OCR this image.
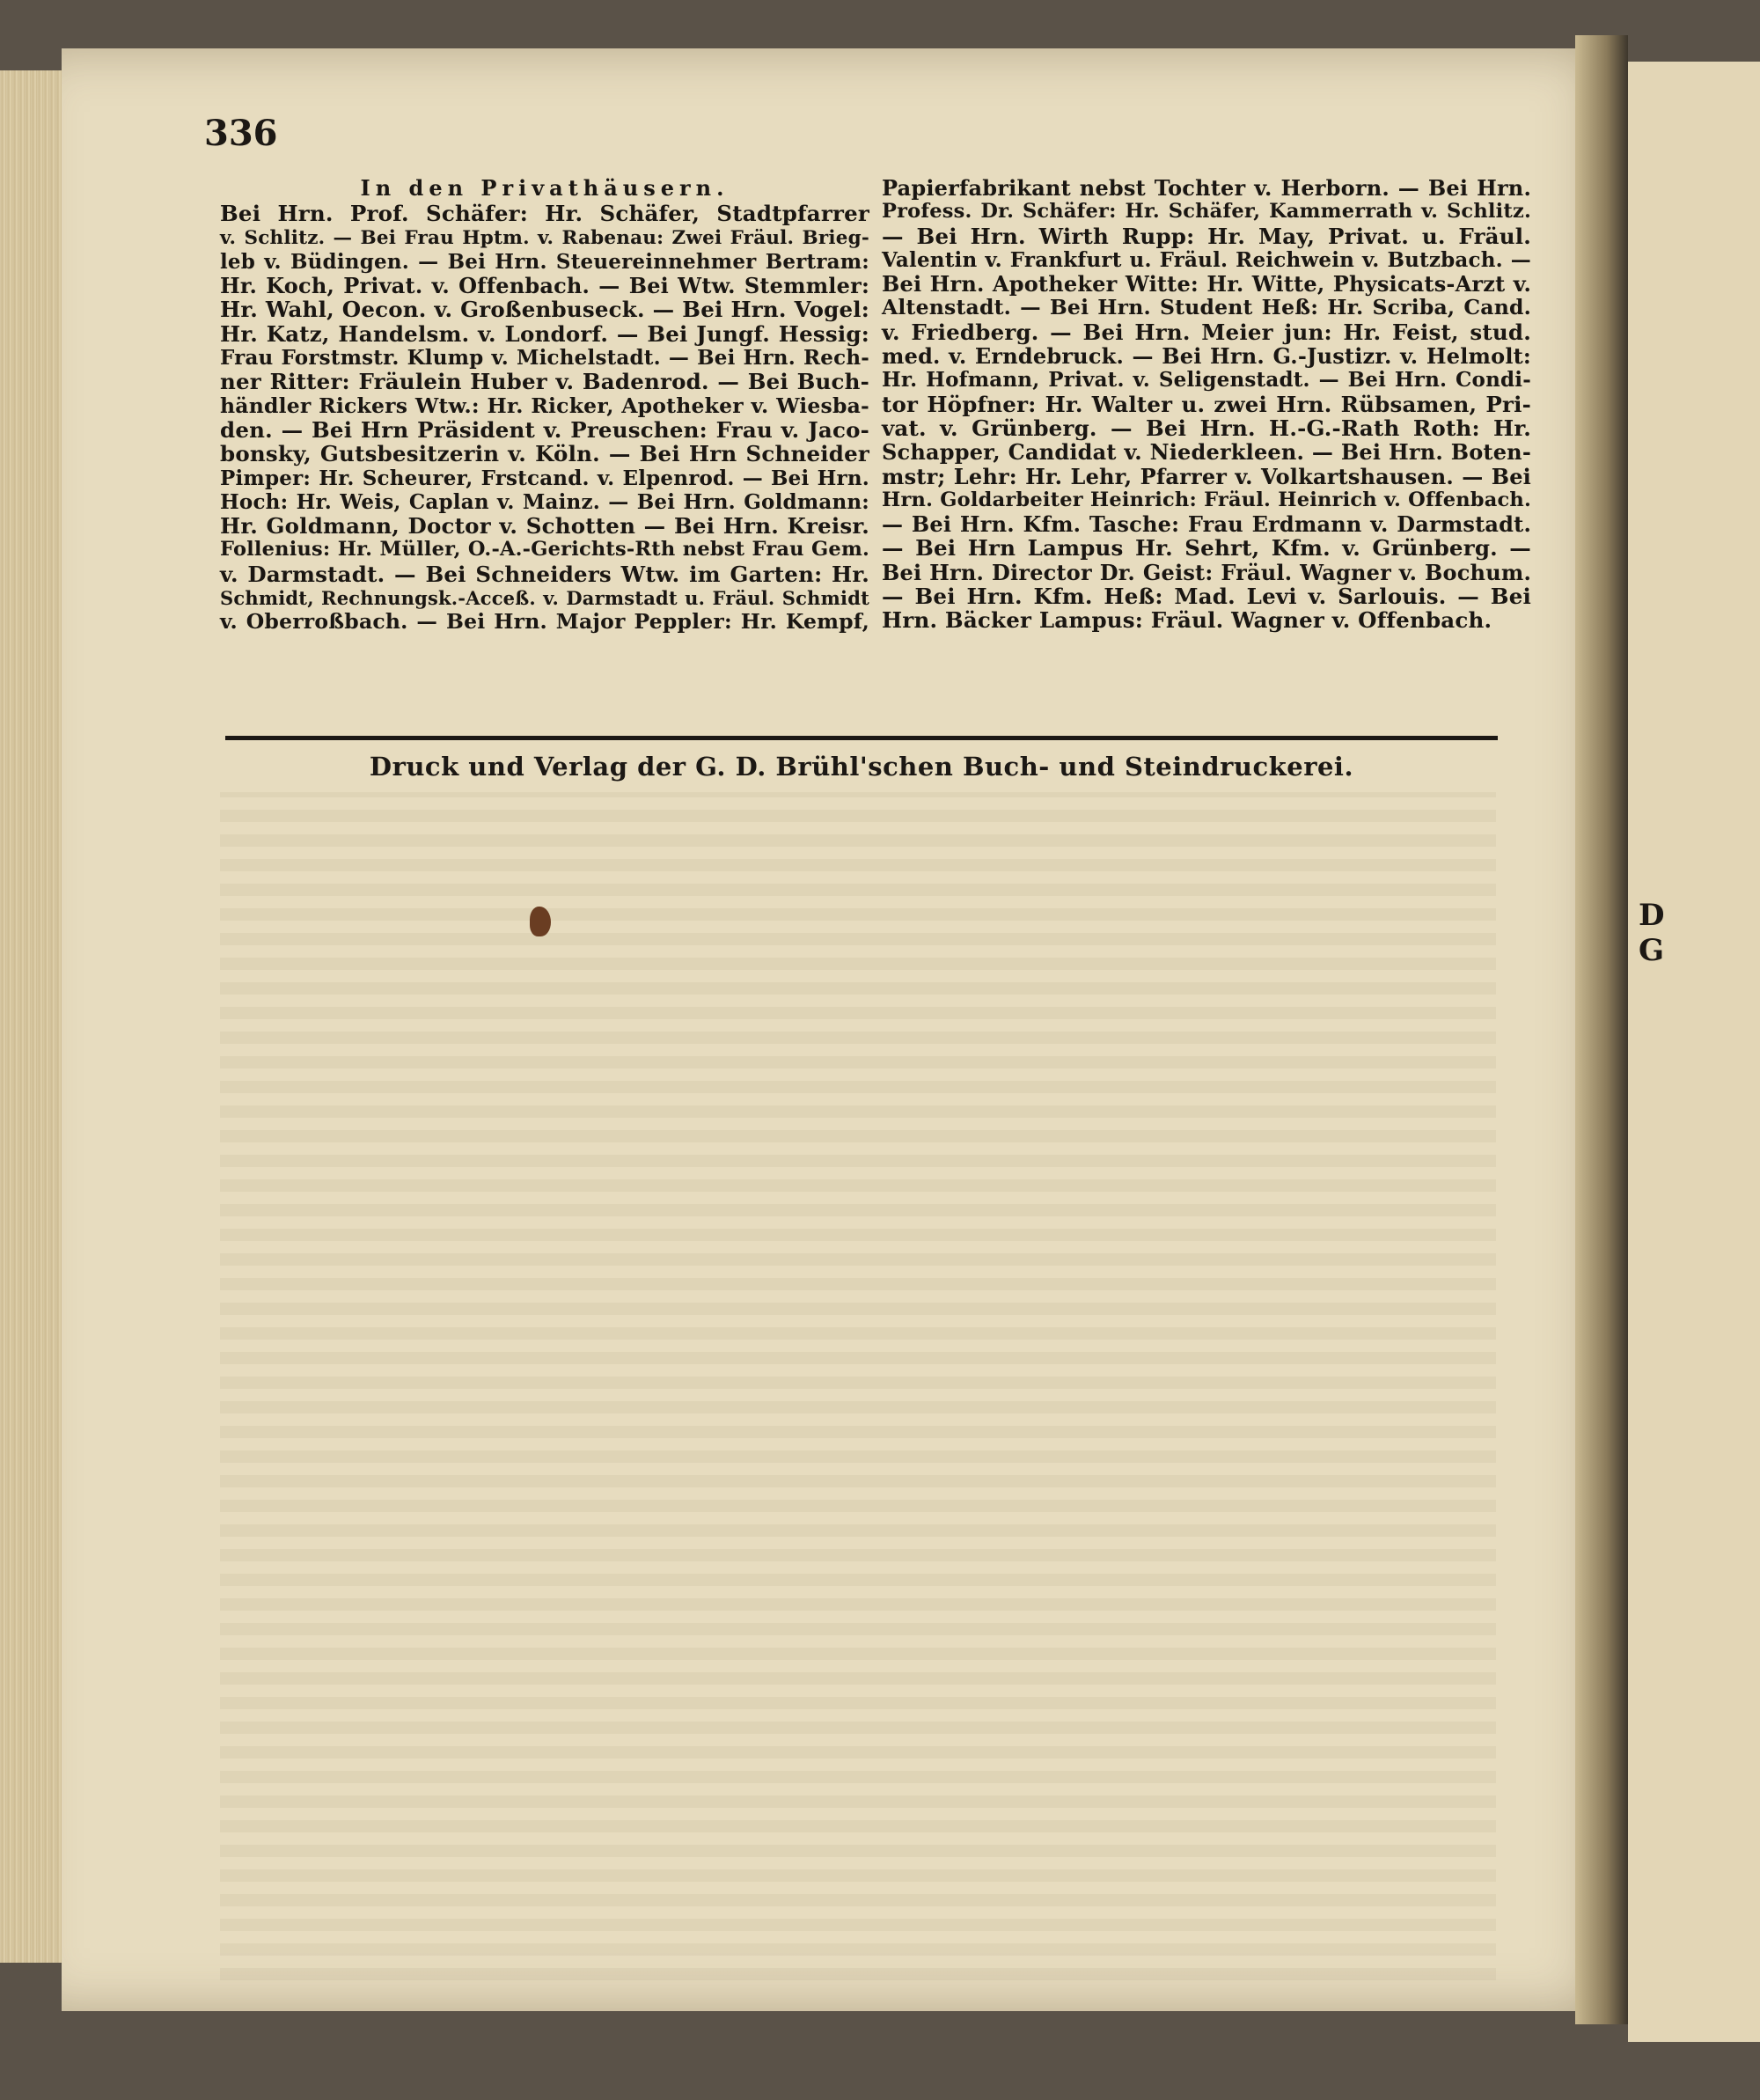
D
G
336
In den Privathäusern.
Bei Hrn. Prof. Schäfer: Hr. Schäfer, Stadtpfarrer
v. Schlitz. — Bei Frau Hptm. v. Rabenau: Zwei Fräul. Brieg-
leb v. Büdingen. — Bei Hrn. Steuereinnehmer Bertram:
Hr. Koch, Privat. v. Offenbach. — Bei Wtw. Stemmler:
Hr. Wahl, Oecon. v. Großenbuseck. — Bei Hrn. Vogel:
Hr. Katz, Handelsm. v. Londorf. — Bei Jungf. Hessig:
Frau Forstmstr. Klump v. Michelstadt. — Bei Hrn. Rech-
ner Ritter: Fräulein Huber v. Badenrod. — Bei Buch-
händler Rickers Wtw.: Hr. Ricker, Apotheker v. Wiesba-
den. — Bei Hrn Präsident v. Preuschen: Frau v. Jaco-
bonsky, Gutsbesitzerin v. Köln. — Bei Hrn Schneider
Pimper: Hr. Scheurer, Frstcand. v. Elpenrod. — Bei Hrn.
Hoch: Hr. Weis, Caplan v. Mainz. — Bei Hrn. Goldmann:
Hr. Goldmann, Doctor v. Schotten — Bei Hrn. Kreisr.
Follenius: Hr. Müller, O.-A.-Gerichts-Rth nebst Frau Gem.
v. Darmstadt. — Bei Schneiders Wtw. im Garten: Hr.
Schmidt, Rechnungsk.-Acceß. v. Darmstadt u. Fräul. Schmidt
v. Oberroßbach. — Bei Hrn. Major Peppler: Hr. Kempf,
Papierfabrikant nebst Tochter v. Herborn. — Bei Hrn.
Profess. Dr. Schäfer: Hr. Schäfer, Kammerrath v. Schlitz.
— Bei Hrn. Wirth Rupp: Hr. May, Privat. u. Fräul.
Valentin v. Frankfurt u. Fräul. Reichwein v. Butzbach. —
Bei Hrn. Apotheker Witte: Hr. Witte, Physicats-Arzt v.
Altenstadt. — Bei Hrn. Student Heß: Hr. Scriba, Cand.
v. Friedberg. — Bei Hrn. Meier jun: Hr. Feist, stud.
med. v. Erndebruck. — Bei Hrn. G.-Justizr. v. Helmolt:
Hr. Hofmann, Privat. v. Seligenstadt. — Bei Hrn. Condi-
tor Höpfner: Hr. Walter u. zwei Hrn. Rübsamen, Pri-
vat. v. Grünberg. — Bei Hrn. H.-G.-Rath Roth: Hr.
Schapper, Candidat v. Niederkleen. — Bei Hrn. Boten-
mstr; Lehr: Hr. Lehr, Pfarrer v. Volkartshausen. — Bei
Hrn. Goldarbeiter Heinrich: Fräul. Heinrich v. Offenbach.
— Bei Hrn. Kfm. Tasche: Frau Erdmann v. Darmstadt.
— Bei Hrn Lampus Hr. Sehrt, Kfm. v. Grünberg. —
Bei Hrn. Director Dr. Geist: Fräul. Wagner v. Bochum.
— Bei Hrn. Kfm. Heß: Mad. Levi v. Sarlouis. — Bei
Hrn. Bäcker Lampus: Fräul. Wagner v. Offenbach.
Druck und Verlag der G. D. Brühl'schen Buch- und Steindruckerei.
